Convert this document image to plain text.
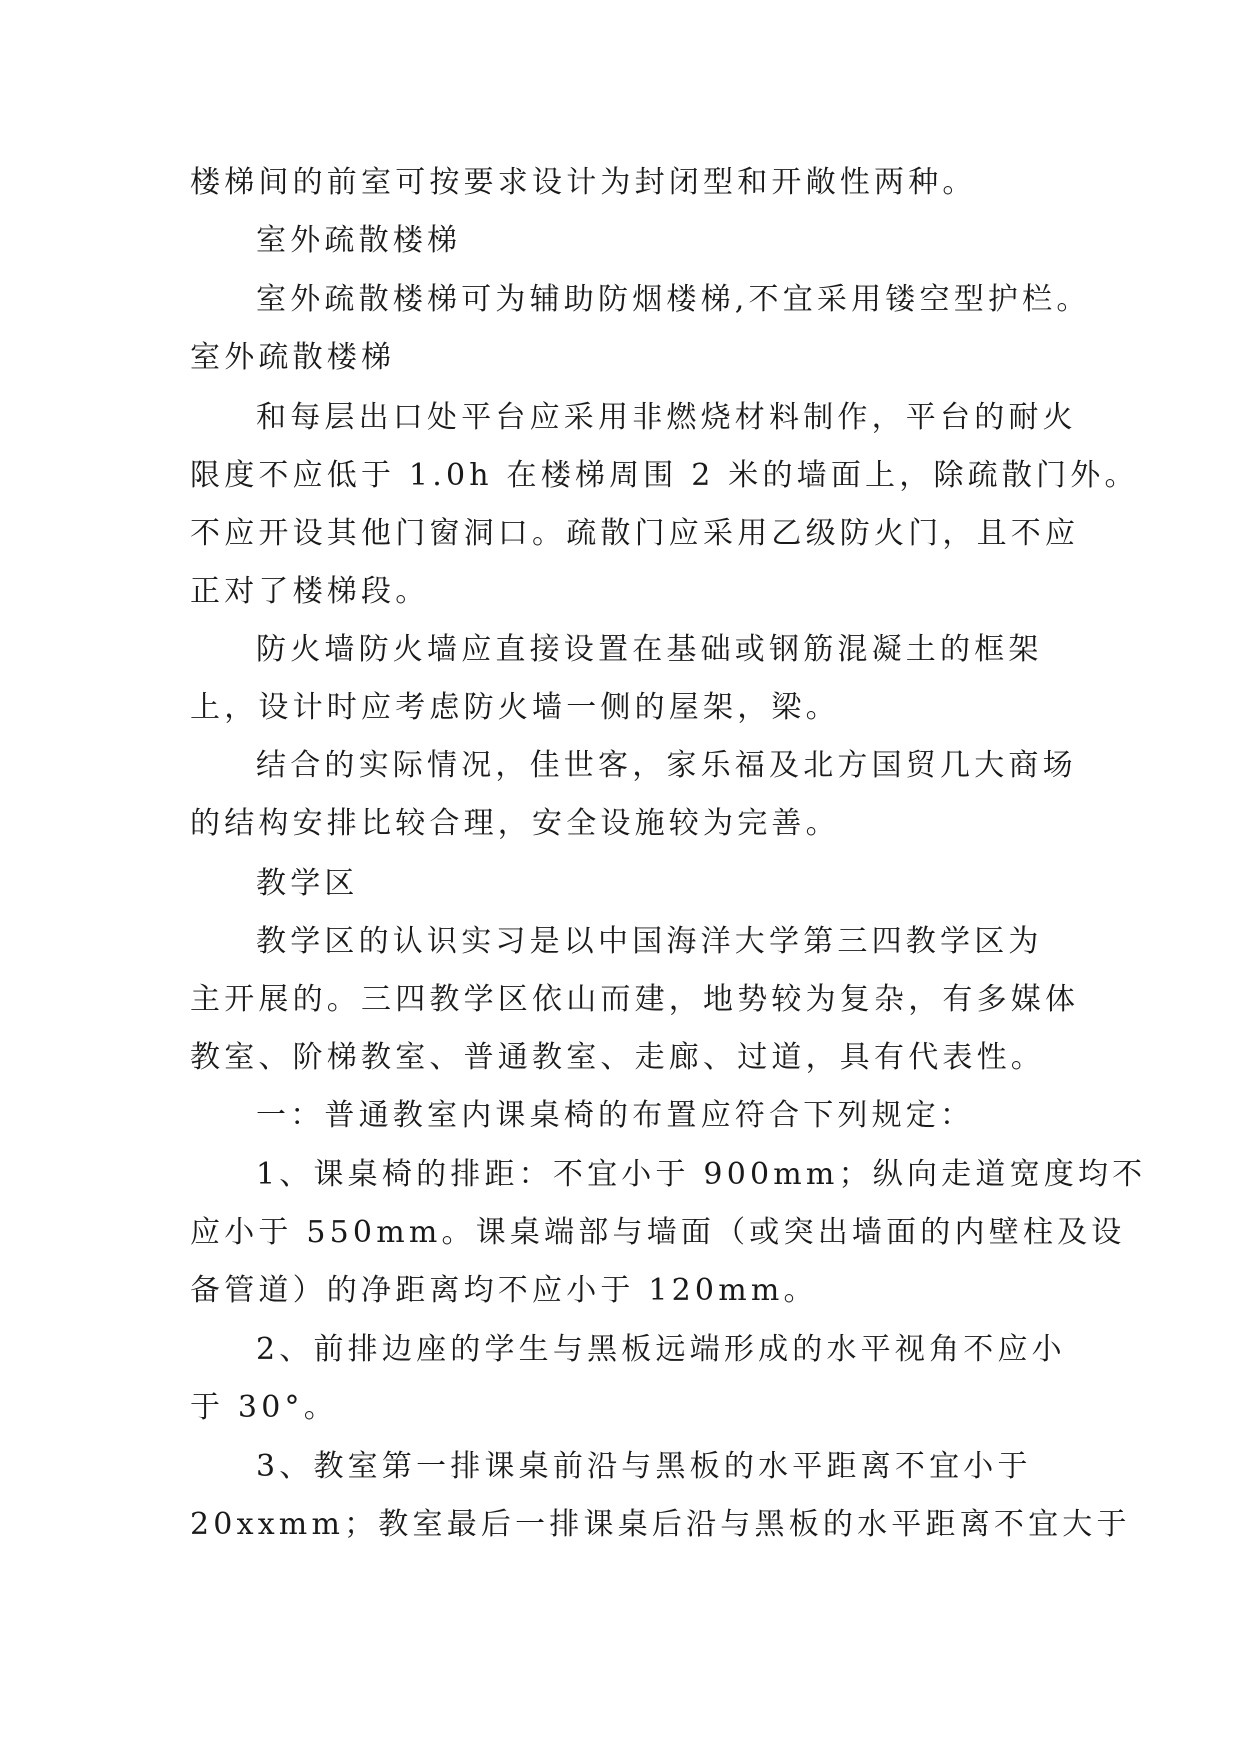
楼梯间的前室可按要求设计为封闭型和开敞性两种。
室外疏散楼梯
室外疏散楼梯可为辅助防烟楼梯,不宜采用镂空型护栏。
室外疏散楼梯
和每层出口处平台应采用非燃烧材料制作，平台的耐火
限度不应低于 1.0h 在楼梯周围 2 米的墙面上，除疏散门外。
不应开设其他门窗洞口。疏散门应采用乙级防火门，且不应
正对了楼梯段。
防火墙防火墙应直接设置在基础或钢筋混凝土的框架
上，设计时应考虑防火墙一侧的屋架，梁。
结合的实际情况，佳世客，家乐福及北方国贸几大商场
的结构安排比较合理，安全设施较为完善。
教学区
教学区的认识实习是以中国海洋大学第三四教学区为
主开展的。三四教学区依山而建，地势较为复杂，有多媒体
教室、阶梯教室、普通教室、走廊、过道，具有代表性。
一：普通教室内课桌椅的布置应符合下列规定：
1、课桌椅的排距：不宜小于 900mm；纵向走道宽度均不
应小于 550mm。课桌端部与墙面（或突出墙面的内壁柱及设
备管道）的净距离均不应小于 120mm。
2、前排边座的学生与黑板远端形成的水平视角不应小
于 30°。
3、教室第一排课桌前沿与黑板的水平距离不宜小于
20xxmm；教室最后一排课桌后沿与黑板的水平距离不宜大于
